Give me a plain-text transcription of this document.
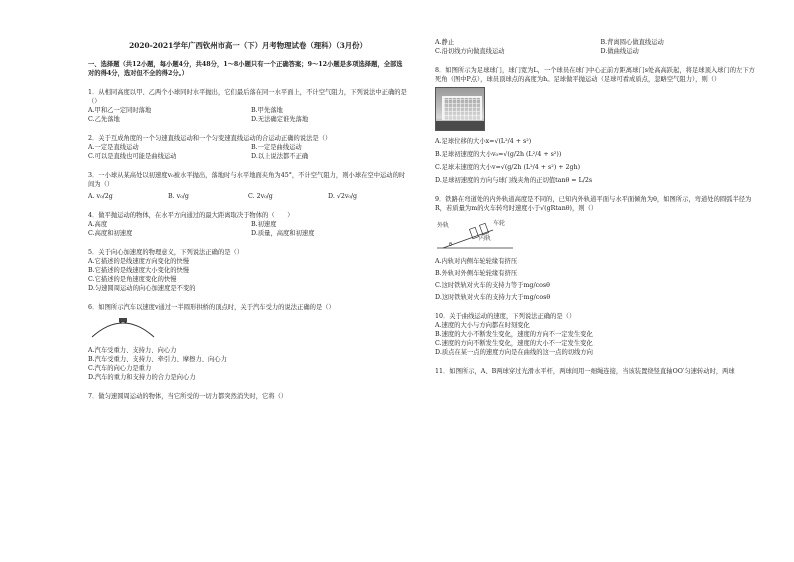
2020-2021学年广西钦州市高一（下）月考物理试卷（理科）（3月份）
一、选择题（共12小题，每小题4分，共48分，1～8小题只有一个正确答案；9～12小题是多项选择题，全部选对的得4分，选对但不全的得2分。）
1．从相同高度以甲、乙两个小球同时水平抛出，它们最后落在同一水平面上，不计空气阻力，下列说法中正确的是（）
A.甲和乙一定同时落地	B.甲先落地
C.乙先落地	D.无法确定谁先落地
2．关于互成角度的一个匀速直线运动和一个匀变速直线运动的合运动正确的说法是（）
A.一定是直线运动	B.一定是曲线运动
C.可以是直线也可能是曲线运动	D.以上说法都不正确
3．一小球从某高处以初速度v₀被水平抛出，落地时与水平地面夹角为45°，不计空气阻力，则小球在空中运动的时间为（）
A. v₀/2g	B. v₀/g	C. 2v₀/g	D. √2v₀/g
4．做平抛运动的物体，在水平方向通过的最大距离取决于物体的（　　）
A.高度	B.初速度
C.高度和初速度	D.质量，高度和初速度
5．关于向心加速度的物理意义，下列说法正确的是（）
A.它描述的是线速度方向变化的快慢
B.它描述的是线速度大小变化的快慢
C.它描述的是角速度变化的快慢
D.匀速圆周运动的向心加速度是不变的
6．如图所示汽车以速度v通过一半圆形拱桥的顶点时，关于汽车受力的说法正确的是（）
A.汽车受重力、支持力、向心力
B.汽车受重力、支持力、牵引力、摩擦力、向心力
C.汽车的向心力是重力
D.汽车的重力和支持力的合力是向心力
7．做匀速圆周运动的物体，当它所受的一切力都突然消失时，它将（）
A.静止	B.背离圆心做直线运动
C.沿切线方向做直线运动	D.做曲线运动
8．如图所示为足球球门，球门宽为L，一个球员在球门中心正前方距离球门s处高高跃起，将足球顶入球门的左下方死角（图中P点），球员顶球点的高度为h。足球做平抛运动（足球可看成质点，忽略空气阻力），则（）
A.足球位移的大小x=√(L²/4 + s²)
B.足球初速度的大小v₀=√(g/2h (L²/4 + s²))
C.足球末速度的大小v=√(g/2h (L²/4 + s²) + 2gh)
D.足球初速度的方向与球门线夹角的正切值tanθ = L/2s
9．铁路在弯道处的内外轨道高度是不同的，已知内外轨道平面与水平面倾角为θ，如图所示，弯道处的圆弧半径为R，若质量为m的火车转弯时速度小于√(gRtanθ)，则（）
外轨
内轨
车轮
θ
A.内轨对内侧车轮轮缘有挤压
B.外轨对外侧车轮轮缘有挤压
C.这时铁轨对火车的支持力等于mg/cosθ
D.这时铁轨对火车的支持力大于mg/cosθ
10．关于曲线运动的速度，下列说法正确的是（）
A.速度的大小与方向都在时刻变化
B.速度的大小不断发生变化，速度的方向不一定发生变化
C.速度的方向不断发生变化，速度的大小不一定发生变化
D.质点在某一点的速度方向是在曲线的这一点的切线方向
11．如图所示，A、B两球穿过光滑水平杆，两球间用一细绳连接，当该装置绕竖直轴OO′匀速转动时，两球
